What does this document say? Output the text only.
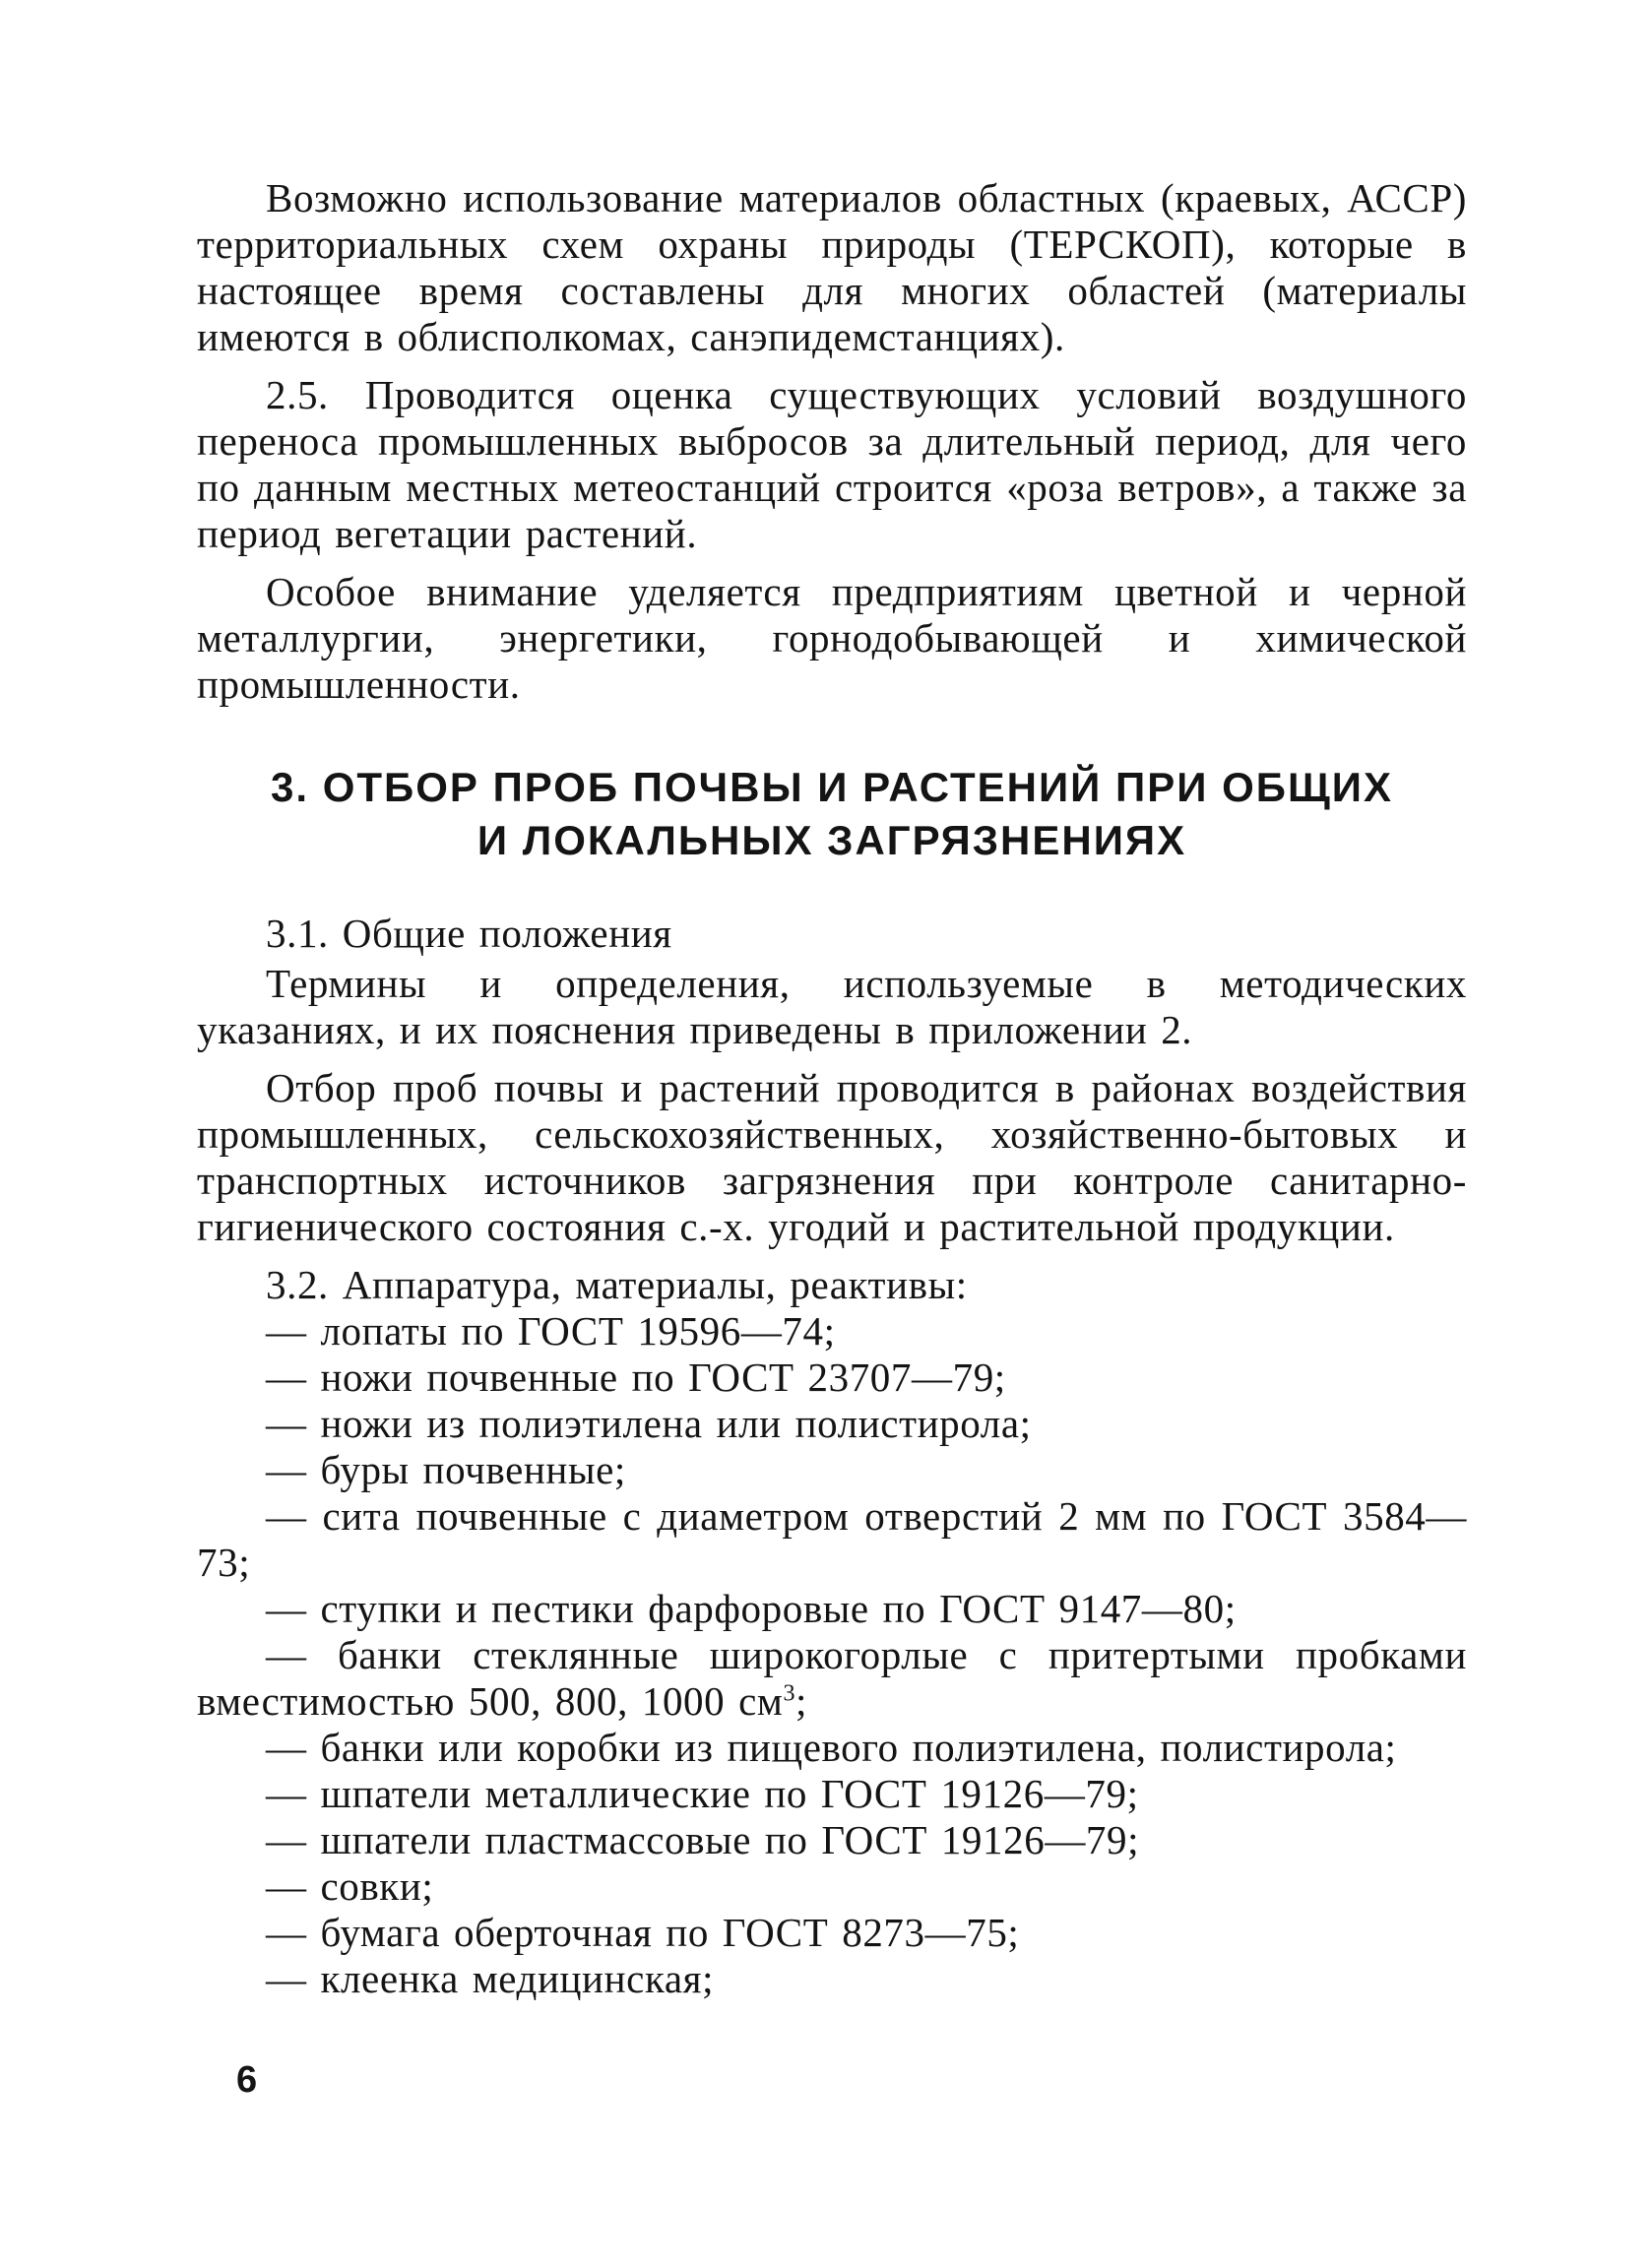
Возможно использование материалов областных (краевых, АССР) территориальных схем охраны природы (ТЕРСКОП), которые в настоящее время составлены для многих областей (материалы имеются в облисполкомах, санэпидемстанциях).

2.5. Проводится оценка существующих условий воздушного переноса промышленных выбросов за длительный период, для чего по данным местных метеостанций строится «роза ветров», а также за период вегетации растений.

Особое внимание уделяется предприятиям цветной и черной металлургии, энергетики, горнодобывающей и химической промышленности.

3. ОТБОР ПРОБ ПОЧВЫ И РАСТЕНИЙ ПРИ ОБЩИХ
И ЛОКАЛЬНЫХ ЗАГРЯЗНЕНИЯХ

3.1. Общие положения

Термины и определения, используемые в методических указаниях, и их пояснения приведены в приложении 2.

Отбор проб почвы и растений проводится в районах воздействия промышленных, сельскохозяйственных, хозяйственно-бытовых и транспортных источников загрязнения при контроле санитарно-гигиенического состояния с.-х. угодий и растительной продукции.

3.2. Аппаратура, материалы, реактивы:

— лопаты по ГОСТ 19596—74;

— ножи почвенные по ГОСТ 23707—79;

— ножи из полиэтилена или полистирола;

— буры почвенные;

— сита почвенные с диаметром отверстий 2 мм по ГОСТ 3584—73;

— ступки и пестики фарфоровые по ГОСТ 9147—80;

— банки стеклянные широкогорлые с притертыми пробками вместимостью 500, 800, 1000 $см^3$;

— банки или коробки из пищевого полиэтилена, полистирола;

— шпатели металлические по ГОСТ 19126—79;

— шпатели пластмассовые по ГОСТ 19126—79;

— совки;

— бумага оберточная по ГОСТ 8273—75;

— клеенка медицинская;

6
